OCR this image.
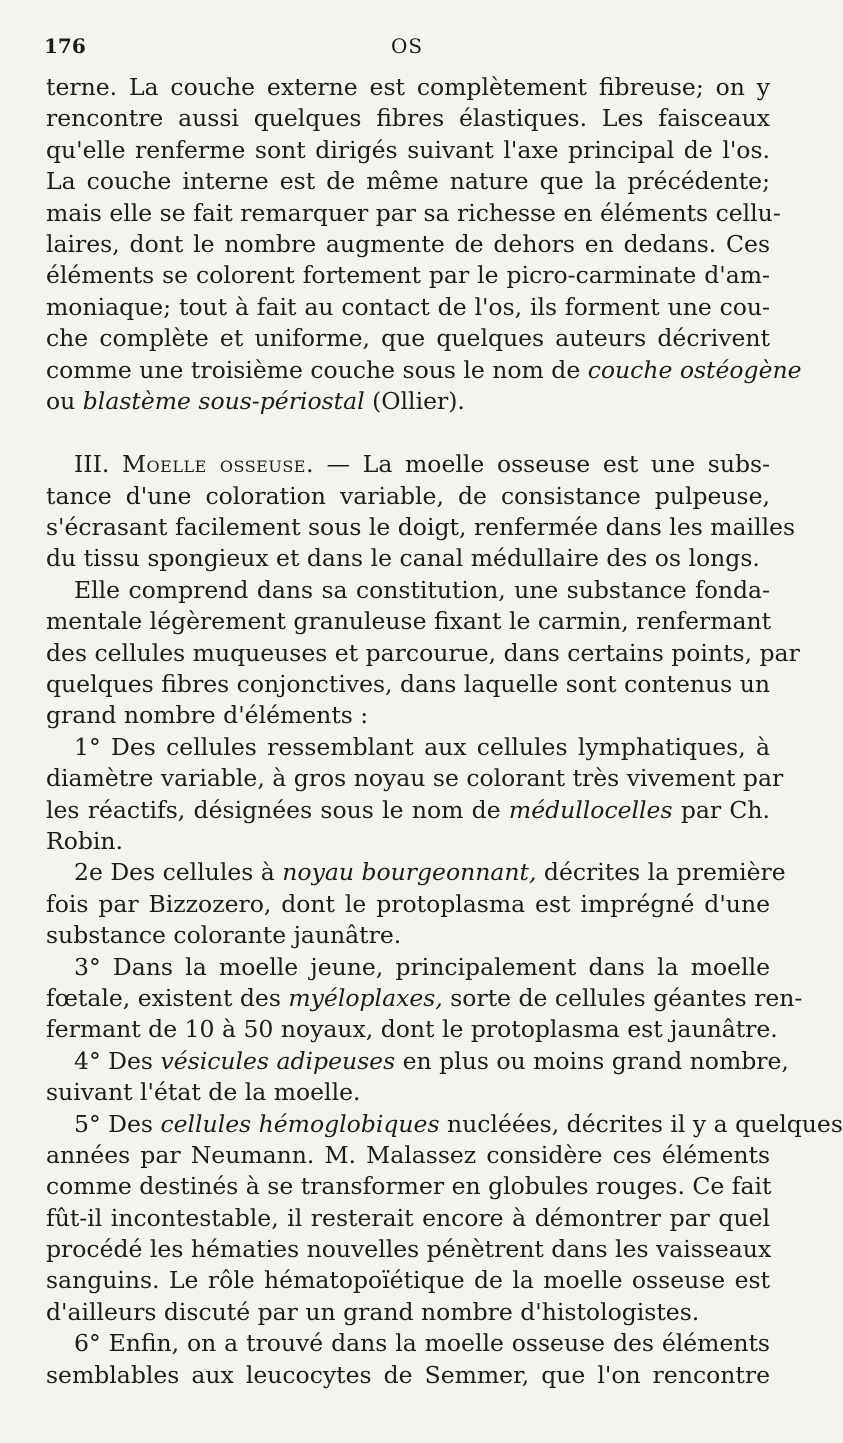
176	OS
terne. La couche externe est complètement fibreuse; on y
rencontre aussi quelques fibres élastiques. Les faisceaux
qu'elle renferme sont dirigés suivant l'axe principal de l'os.
La couche interne est de même nature que la précédente;
mais elle se fait remarquer par sa richesse en éléments cellu-
laires, dont le nombre augmente de dehors en dedans. Ces
éléments se colorent fortement par le picro-carminate d'am-
moniaque; tout à fait au contact de l'os, ils forment une cou-
che complète et uniforme, que quelques auteurs décrivent
comme une troisième couche sous le nom de couche ostéogène
ou blastème sous-périostal (Ollier).
III. Moelle osseuse. — La moelle osseuse est une subs-
tance d'une coloration variable, de consistance pulpeuse,
s'écrasant facilement sous le doigt, renfermée dans les mailles
du tissu spongieux et dans le canal médullaire des os longs.
Elle comprend dans sa constitution, une substance fonda-
mentale légèrement granuleuse fixant le carmin, renfermant
des cellules muqueuses et parcourue, dans certains points, par
quelques fibres conjonctives, dans laquelle sont contenus un
grand nombre d'éléments :
1° Des cellules ressemblant aux cellules lymphatiques, à
diamètre variable, à gros noyau se colorant très vivement par
les réactifs, désignées sous le nom de médullocelles par Ch.
Robin.
2e Des cellules à noyau bourgeonnant, décrites la première
fois par Bizzozero, dont le protoplasma est imprégné d'une
substance colorante jaunâtre.
3° Dans la moelle jeune, principalement dans la moelle
fœtale, existent des myéloplaxes, sorte de cellules géantes ren-
fermant de 10 à 50 noyaux, dont le protoplasma est jaunâtre.
4° Des vésicules adipeuses en plus ou moins grand nombre,
suivant l'état de la moelle.
5° Des cellules hémoglobiques nucléées, décrites il y a quelques
années par Neumann. M. Malassez considère ces éléments
comme destinés à se transformer en globules rouges. Ce fait
fût-il incontestable, il resterait encore à démontrer par quel
procédé les hématies nouvelles pénètrent dans les vaisseaux
sanguins. Le rôle hématopoïétique de la moelle osseuse est
d'ailleurs discuté par un grand nombre d'histologistes.
6° Enfin, on a trouvé dans la moelle osseuse des éléments
semblables aux leucocytes de Semmer, que l'on rencontre
